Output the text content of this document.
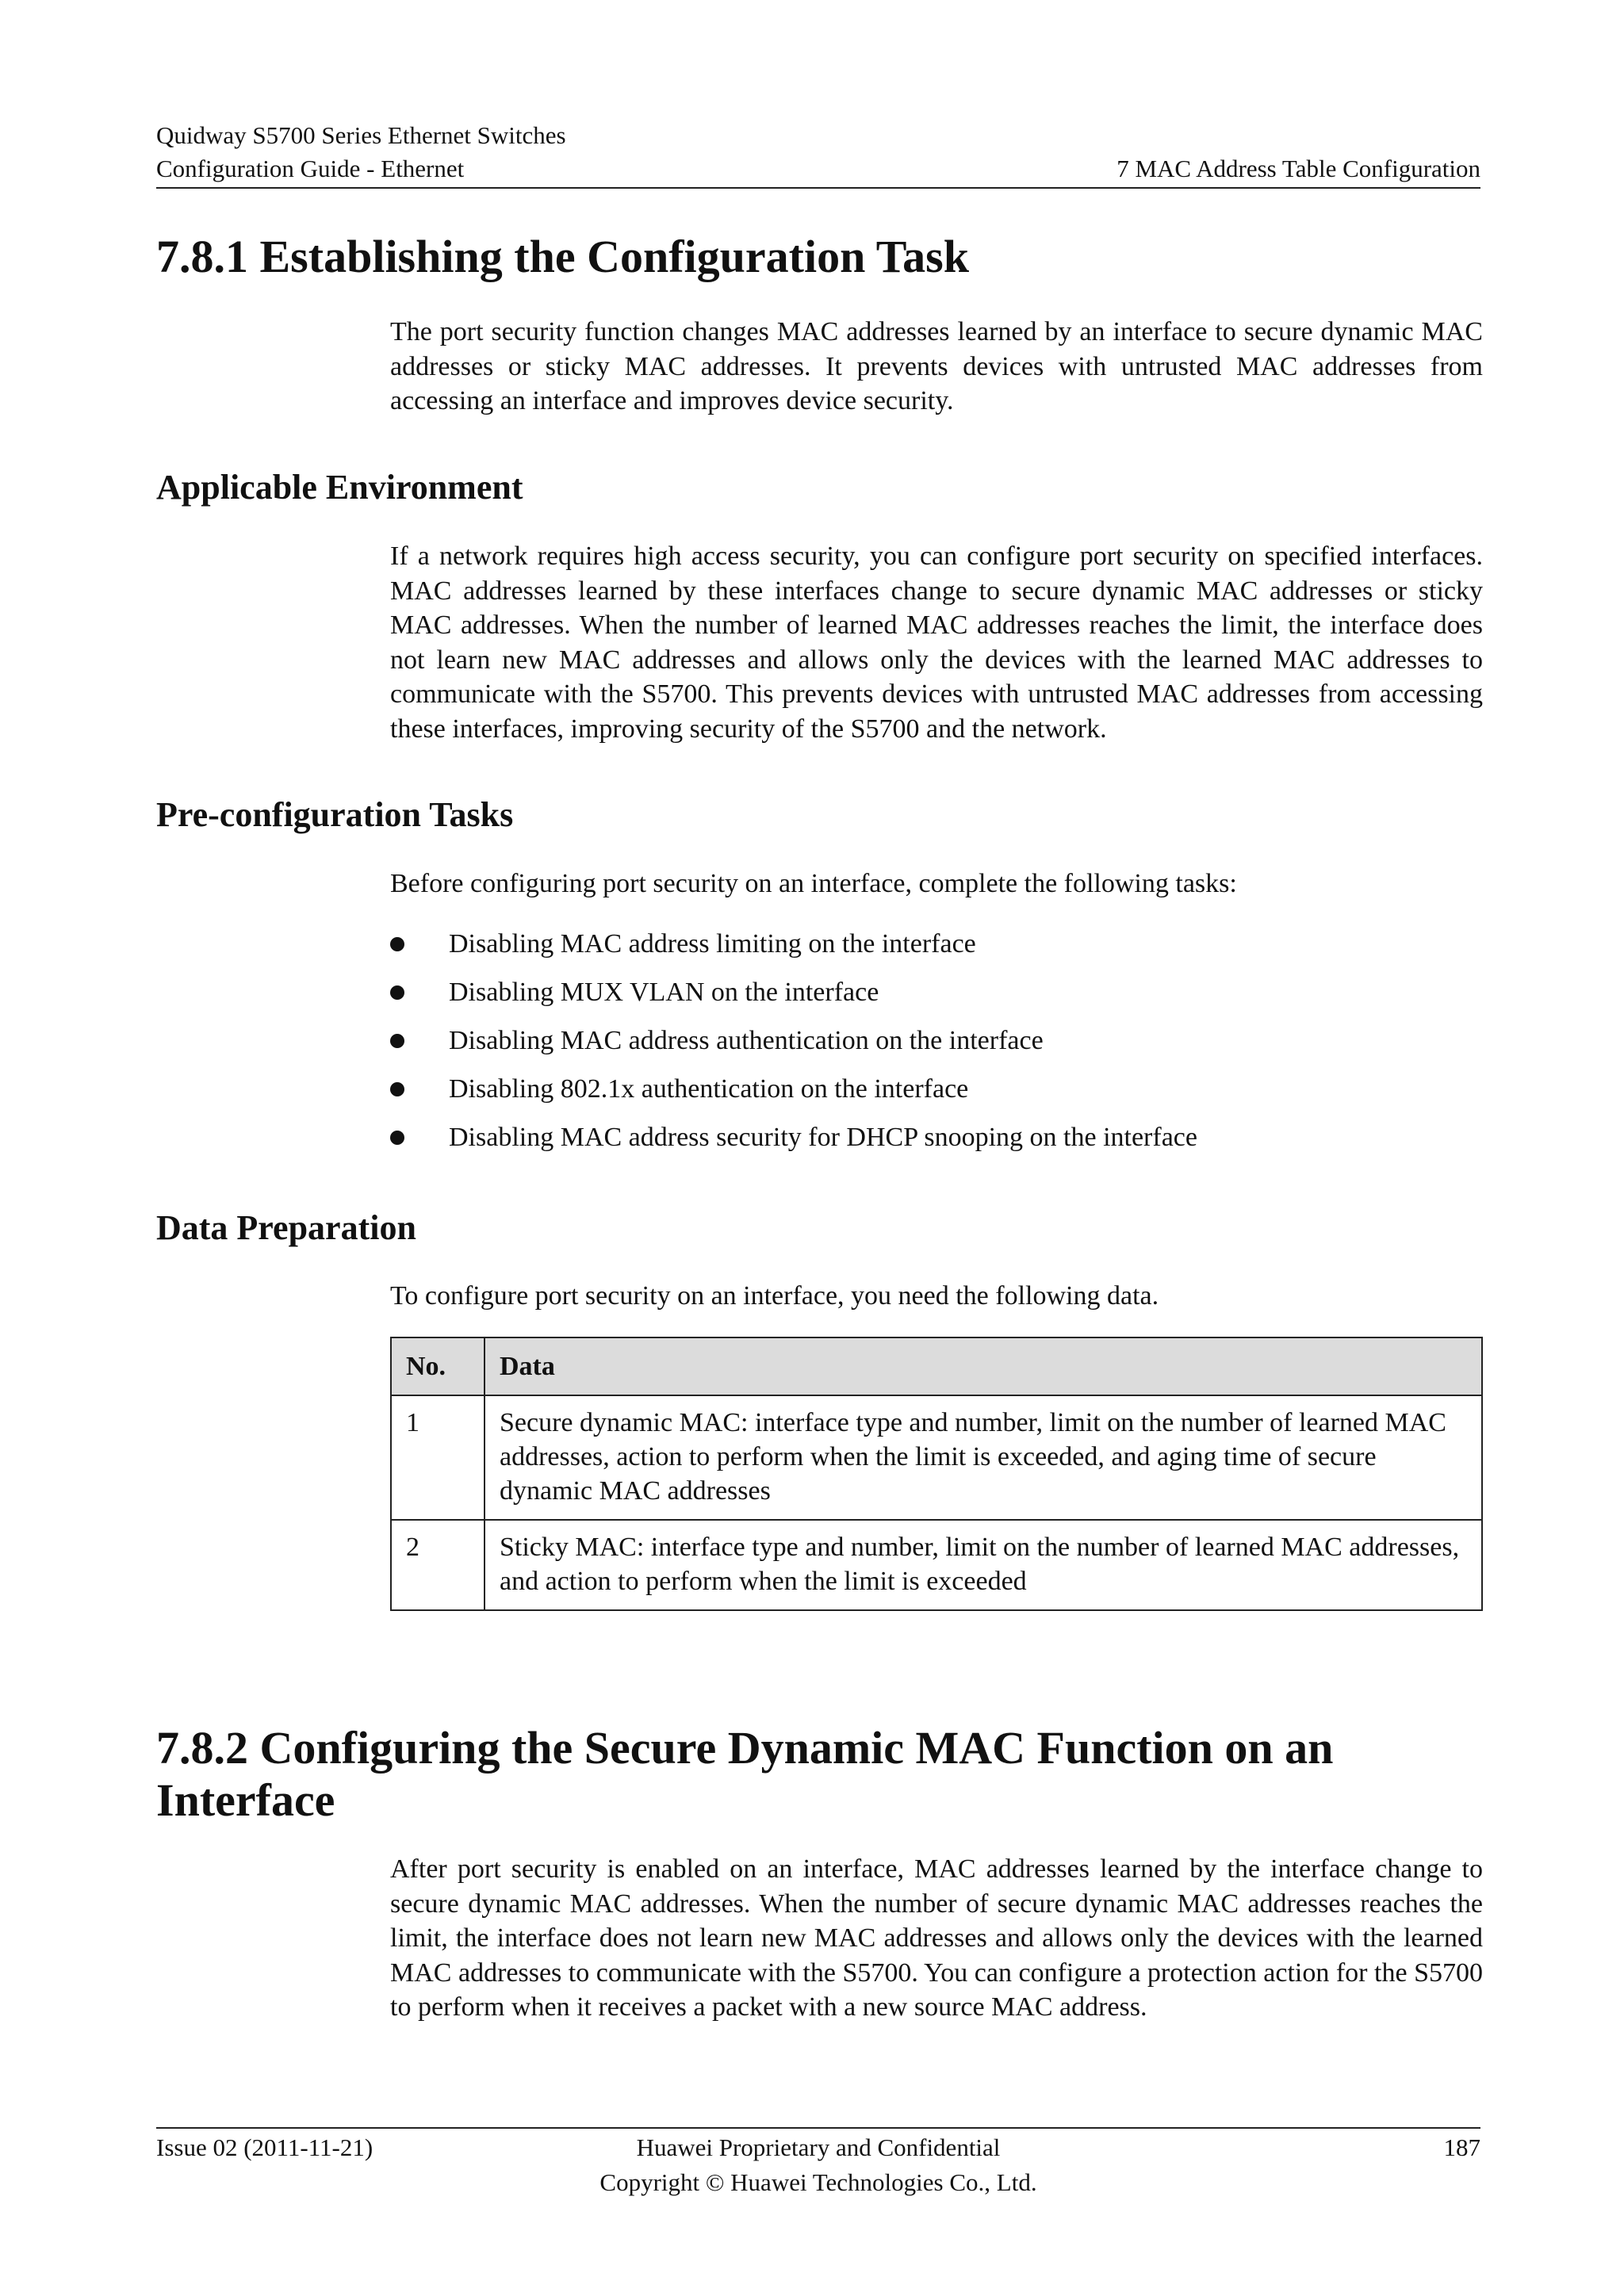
Quidway S5700 Series Ethernet Switches
Configuration Guide - Ethernet	7 MAC Address Table Configuration
7.8.1 Establishing the Configuration Task

The port security function changes MAC addresses learned by an interface to secure dynamic MAC addresses or sticky MAC addresses. It prevents devices with untrusted MAC addresses from accessing an interface and improves device security.

Applicable Environment

If a network requires high access security, you can configure port security on specified interfaces. MAC addresses learned by these interfaces change to secure dynamic MAC addresses or sticky MAC addresses. When the number of learned MAC addresses reaches the limit, the interface does not learn new MAC addresses and allows only the devices with the learned MAC addresses to communicate with the S5700. This prevents devices with untrusted MAC addresses from accessing these interfaces, improving security of the S5700 and the network.

Pre-configuration Tasks

Before configuring port security on an interface, complete the following tasks:

Disabling MAC address limiting on the interface
Disabling MUX VLAN on the interface
Disabling MAC address authentication on the interface
Disabling 802.1x authentication on the interface
Disabling MAC address security for DHCP snooping on the interface
Data Preparation

To configure port security on an interface, you need the following data.

No.	Data
1	Secure dynamic MAC: interface type and number, limit on the number of learned MAC addresses, action to perform when the limit is exceeded, and aging time of secure dynamic MAC addresses
2	Sticky MAC: interface type and number, limit on the number of learned MAC addresses, and action to perform when the limit is exceeded
7.8.2 Configuring the Secure Dynamic MAC Function on an Interface

After port security is enabled on an interface, MAC addresses learned by the interface change to secure dynamic MAC addresses. When the number of secure dynamic MAC addresses reaches the limit, the interface does not learn new MAC addresses and allows only the devices with the learned MAC addresses to communicate with the S5700. You can configure a protection action for the S5700 to perform when it receives a packet with a new source MAC address.

Issue 02 (2011-11-21)	Huawei Proprietary and Confidential
Copyright © Huawei Technologies Co., Ltd.
187
